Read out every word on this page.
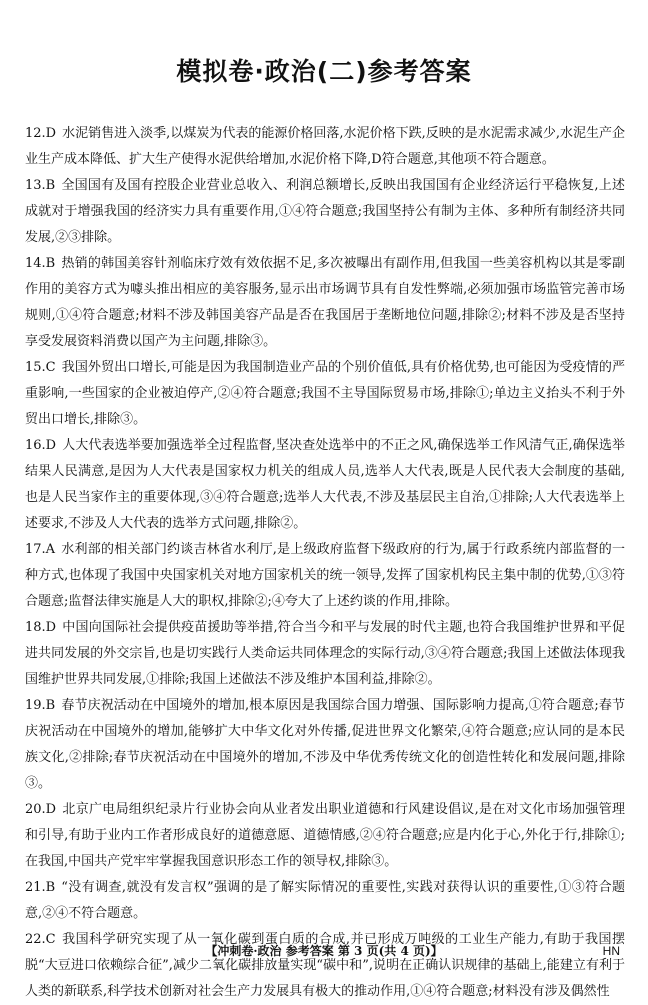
模拟卷·政治(二)参考答案

12.D 水泥销售进入淡季,以煤炭为代表的能源价格回落,水泥价格下跌,反映的是水泥需求减少,水泥生产企业生产成本降低、扩大生产使得水泥供给增加,水泥价格下降,D符合题意,其他项不符合题意。

13.B 全国国有及国有控股企业营业总收入、利润总额增长,反映出我国国有企业经济运行平稳恢复,上述成就对于增强我国的经济实力具有重要作用,①④符合题意;我国坚持公有制为主体、多种所有制经济共同发展,②③排除。

14.B 热销的韩国美容针剂临床疗效有效依据不足,多次被曝出有副作用,但我国一些美容机构以其是零副作用的美容方式为噱头推出相应的美容服务,显示出市场调节具有自发性弊端,必须加强市场监管完善市场规则,①④符合题意;材料不涉及韩国美容产品是否在我国居于垄断地位问题,排除②;材料不涉及是否坚持享受发展资料消费以国产为主问题,排除③。

15.C 我国外贸出口增长,可能是因为我国制造业产品的个别价值低,具有价格优势,也可能因为受疫情的严重影响,一些国家的企业被迫停产,②④符合题意;我国不主导国际贸易市场,排除①;单边主义抬头不利于外贸出口增长,排除③。

16.D 人大代表选举要加强选举全过程监督,坚决查处选举中的不正之风,确保选举工作风清气正,确保选举结果人民满意,是因为人大代表是国家权力机关的组成人员,选举人大代表,既是人民代表大会制度的基础,也是人民当家作主的重要体现,③④符合题意;选举人大代表,不涉及基层民主自治,①排除;人大代表选举上述要求,不涉及人大代表的选举方式问题,排除②。

17.A 水利部的相关部门约谈吉林省水利厅,是上级政府监督下级政府的行为,属于行政系统内部监督的一种方式,也体现了我国中央国家机关对地方国家机关的统一领导,发挥了国家机构民主集中制的优势,①③符合题意;监督法律实施是人大的职权,排除②;④夸大了上述约谈的作用,排除。

18.D 中国向国际社会提供疫苗援助等举措,符合当今和平与发展的时代主题,也符合我国维护世界和平促进共同发展的外交宗旨,也是切实践行人类命运共同体理念的实际行动,③④符合题意;我国上述做法体现我国维护世界共同发展,①排除;我国上述做法不涉及维护本国利益,排除②。

19.B 春节庆祝活动在中国境外的增加,根本原因是我国综合国力增强、国际影响力提高,①符合题意;春节庆祝活动在中国境外的增加,能够扩大中华文化对外传播,促进世界文化繁荣,④符合题意;应认同的是本民族文化,②排除;春节庆祝活动在中国境外的增加,不涉及中华优秀传统文化的创造性转化和发展问题,排除③。

20.D 北京广电局组织纪录片行业协会向从业者发出职业道德和行风建设倡议,是在对文化市场加强管理和引导,有助于业内工作者形成良好的道德意愿、道德情感,②④符合题意;应是内化于心,外化于行,排除①;在我国,中国共产党牢牢掌握我国意识形态工作的领导权,排除③。

21.B “没有调查,就没有发言权”强调的是了解实际情况的重要性,实践对获得认识的重要性,①③符合题意,②④不符合题意。

22.C 我国科学研究实现了从一氧化碳到蛋白质的合成,并已形成万吨级的工业生产能力,有助于我国摆脱“大豆进口依赖综合征”,减少二氧化碳排放量实现“碳中和”,说明在正确认识规律的基础上,能建立有利于人类的新联系,科学技术创新对社会生产力发展具有极大的推动作用,①④符合题意;材料没有涉及偶然性

【冲刺卷·政治 参考答案 第 3 页(共 4 页)】	HN
